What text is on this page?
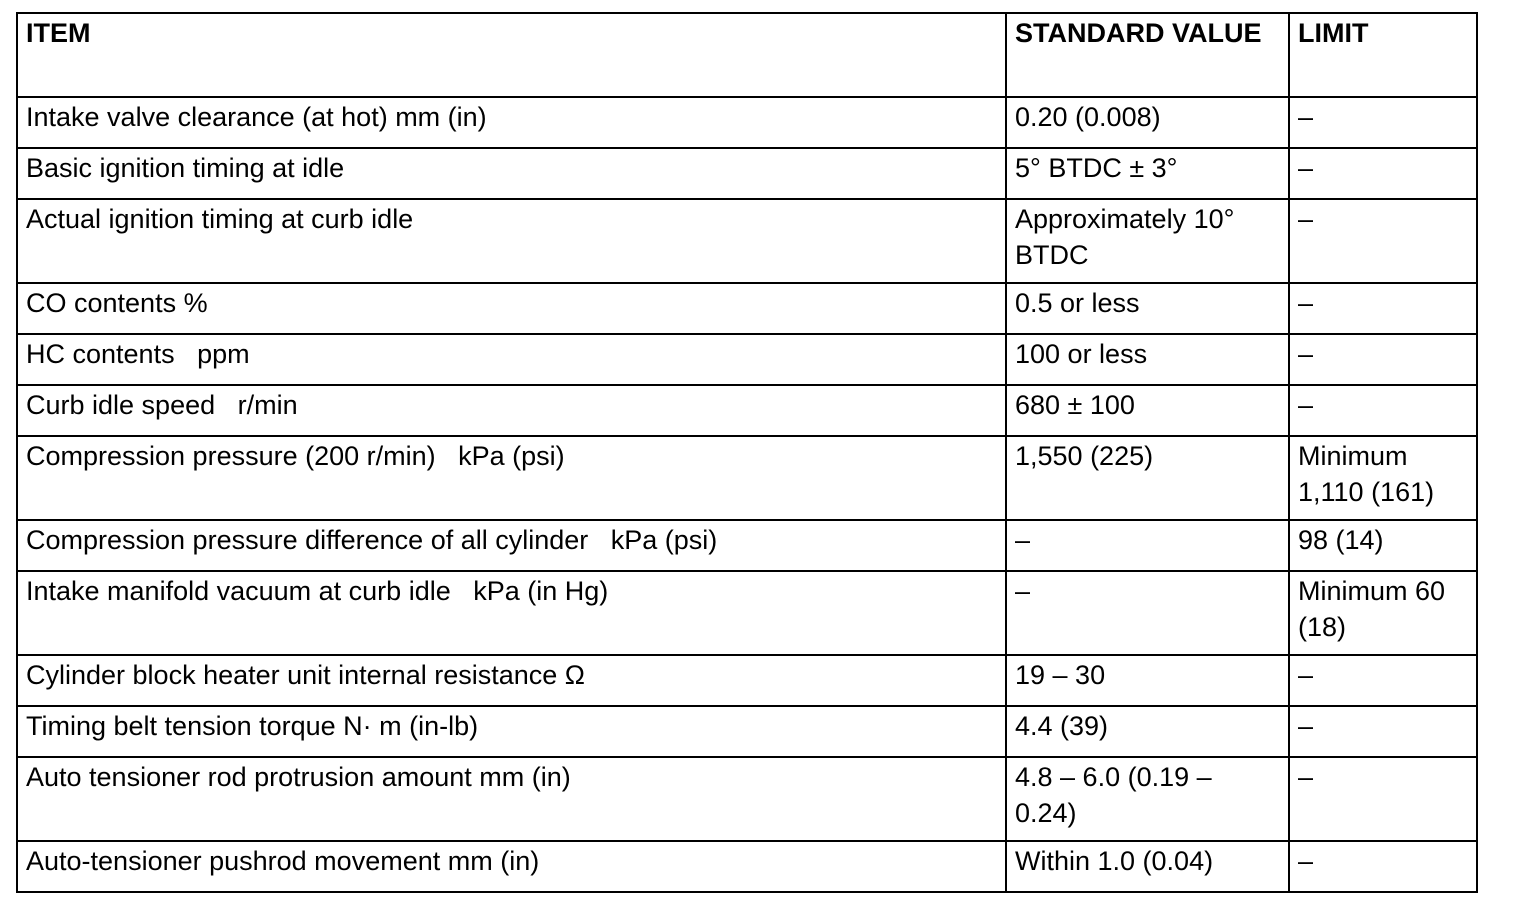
ITEM	STANDARD VALUE	LIMIT
Intake valve clearance (at hot) mm (in)	0.20 (0.008)	–
Basic ignition timing at idle	5° BTDC ± 3°	–
Actual ignition timing at curb idle	Approximately 10° BTDC	–
CO contents %	0.5 or less	–
HC contents   ppm	100 or less	–
Curb idle speed   r/min	680 ± 100	–
Compression pressure (200 r/min)   kPa (psi)	1,550 (225)	Minimum 1,110 (161)
Compression pressure difference of all cylinder   kPa (psi)	–	98 (14)
Intake manifold vacuum at curb idle   kPa (in Hg)	–	Minimum 60 (18)
Cylinder block heater unit internal resistance Ω	19 – 30	–
Timing belt tension torque N· m (in-lb)	4.4 (39)	–
Auto tensioner rod protrusion amount mm (in)	4.8 – 6.0 (0.19 – 0.24)	–
Auto-tensioner pushrod movement mm (in)	Within 1.0 (0.04)	–
